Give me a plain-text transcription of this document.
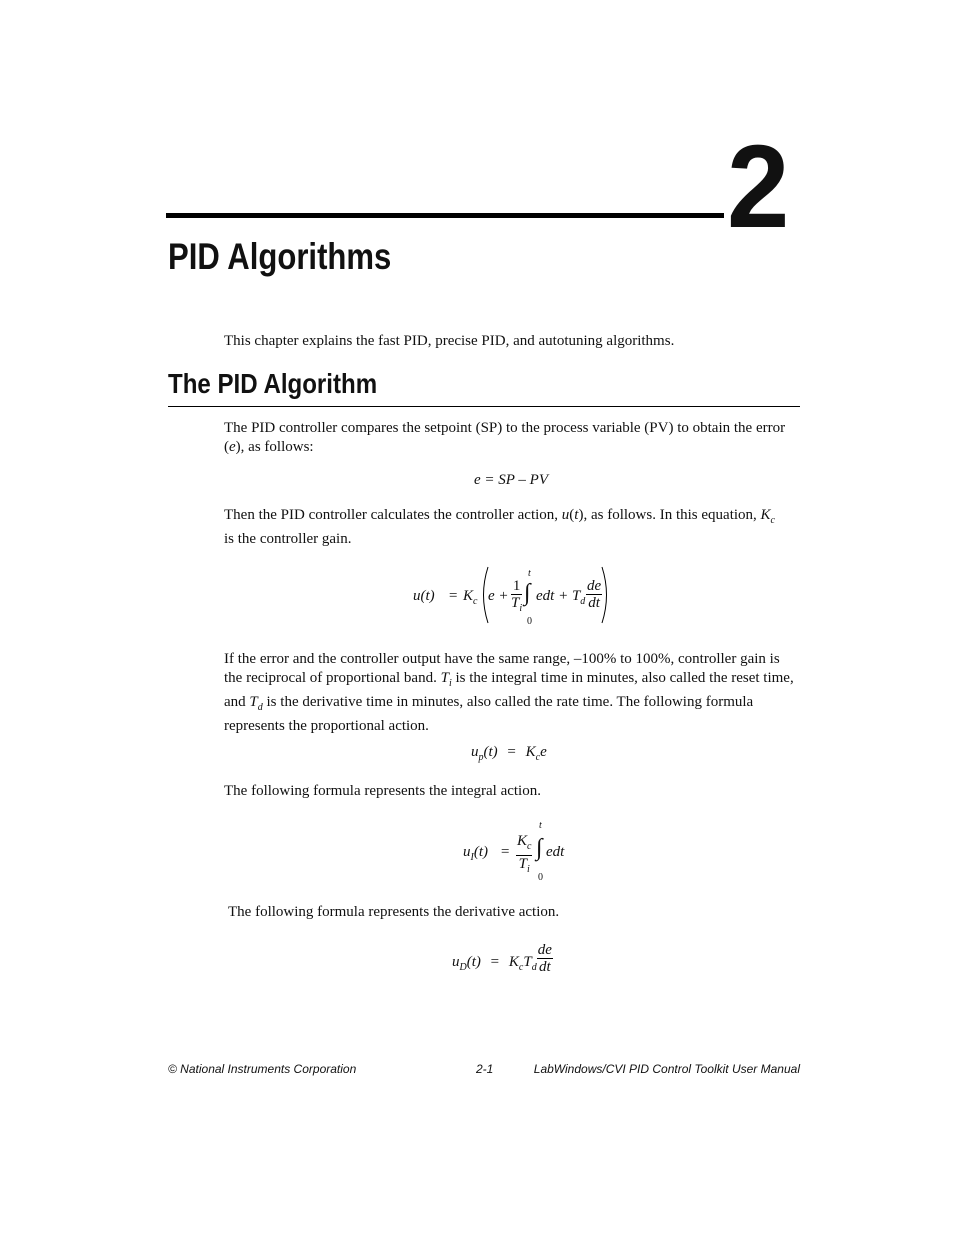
2
PID Algorithms

This chapter explains the fast PID, precise PID, and autotuning algorithms.

The PID Algorithm

The PID controller compares the setpoint (SP) to the process variable (PV) to obtain the error (e), as follows:

e = SP – PV

Then the PID controller calculates the controller action, u(t), as follows. In this equation, $K_c$
is the controller gain.

$u(t) = K_c$ $e + \frac{1}{T_i}$ ∫
t
0
edt + $T_d \frac{de}{dt}$

If the error and the controller output have the same range, –100% to 100%, controller gain is the reciprocal of proportional band. $T_i$ is the integral time in minutes, also called the reset time, and $T_d$ is the derivative time in minutes, also called the rate time. The following formula represents the proportional action.

$u_p(t) = K_ce$

The following formula represents the integral action.

$u_I(t) = \frac{K_c}{T_i}$ ∫
t
0
edt

The following formula represents the derivative action.

$u_D(t) = K_cT_d \frac{de}{dt}$
© National Instruments Corporation	2-1	LabWindows/CVI PID Control Toolkit User Manual
